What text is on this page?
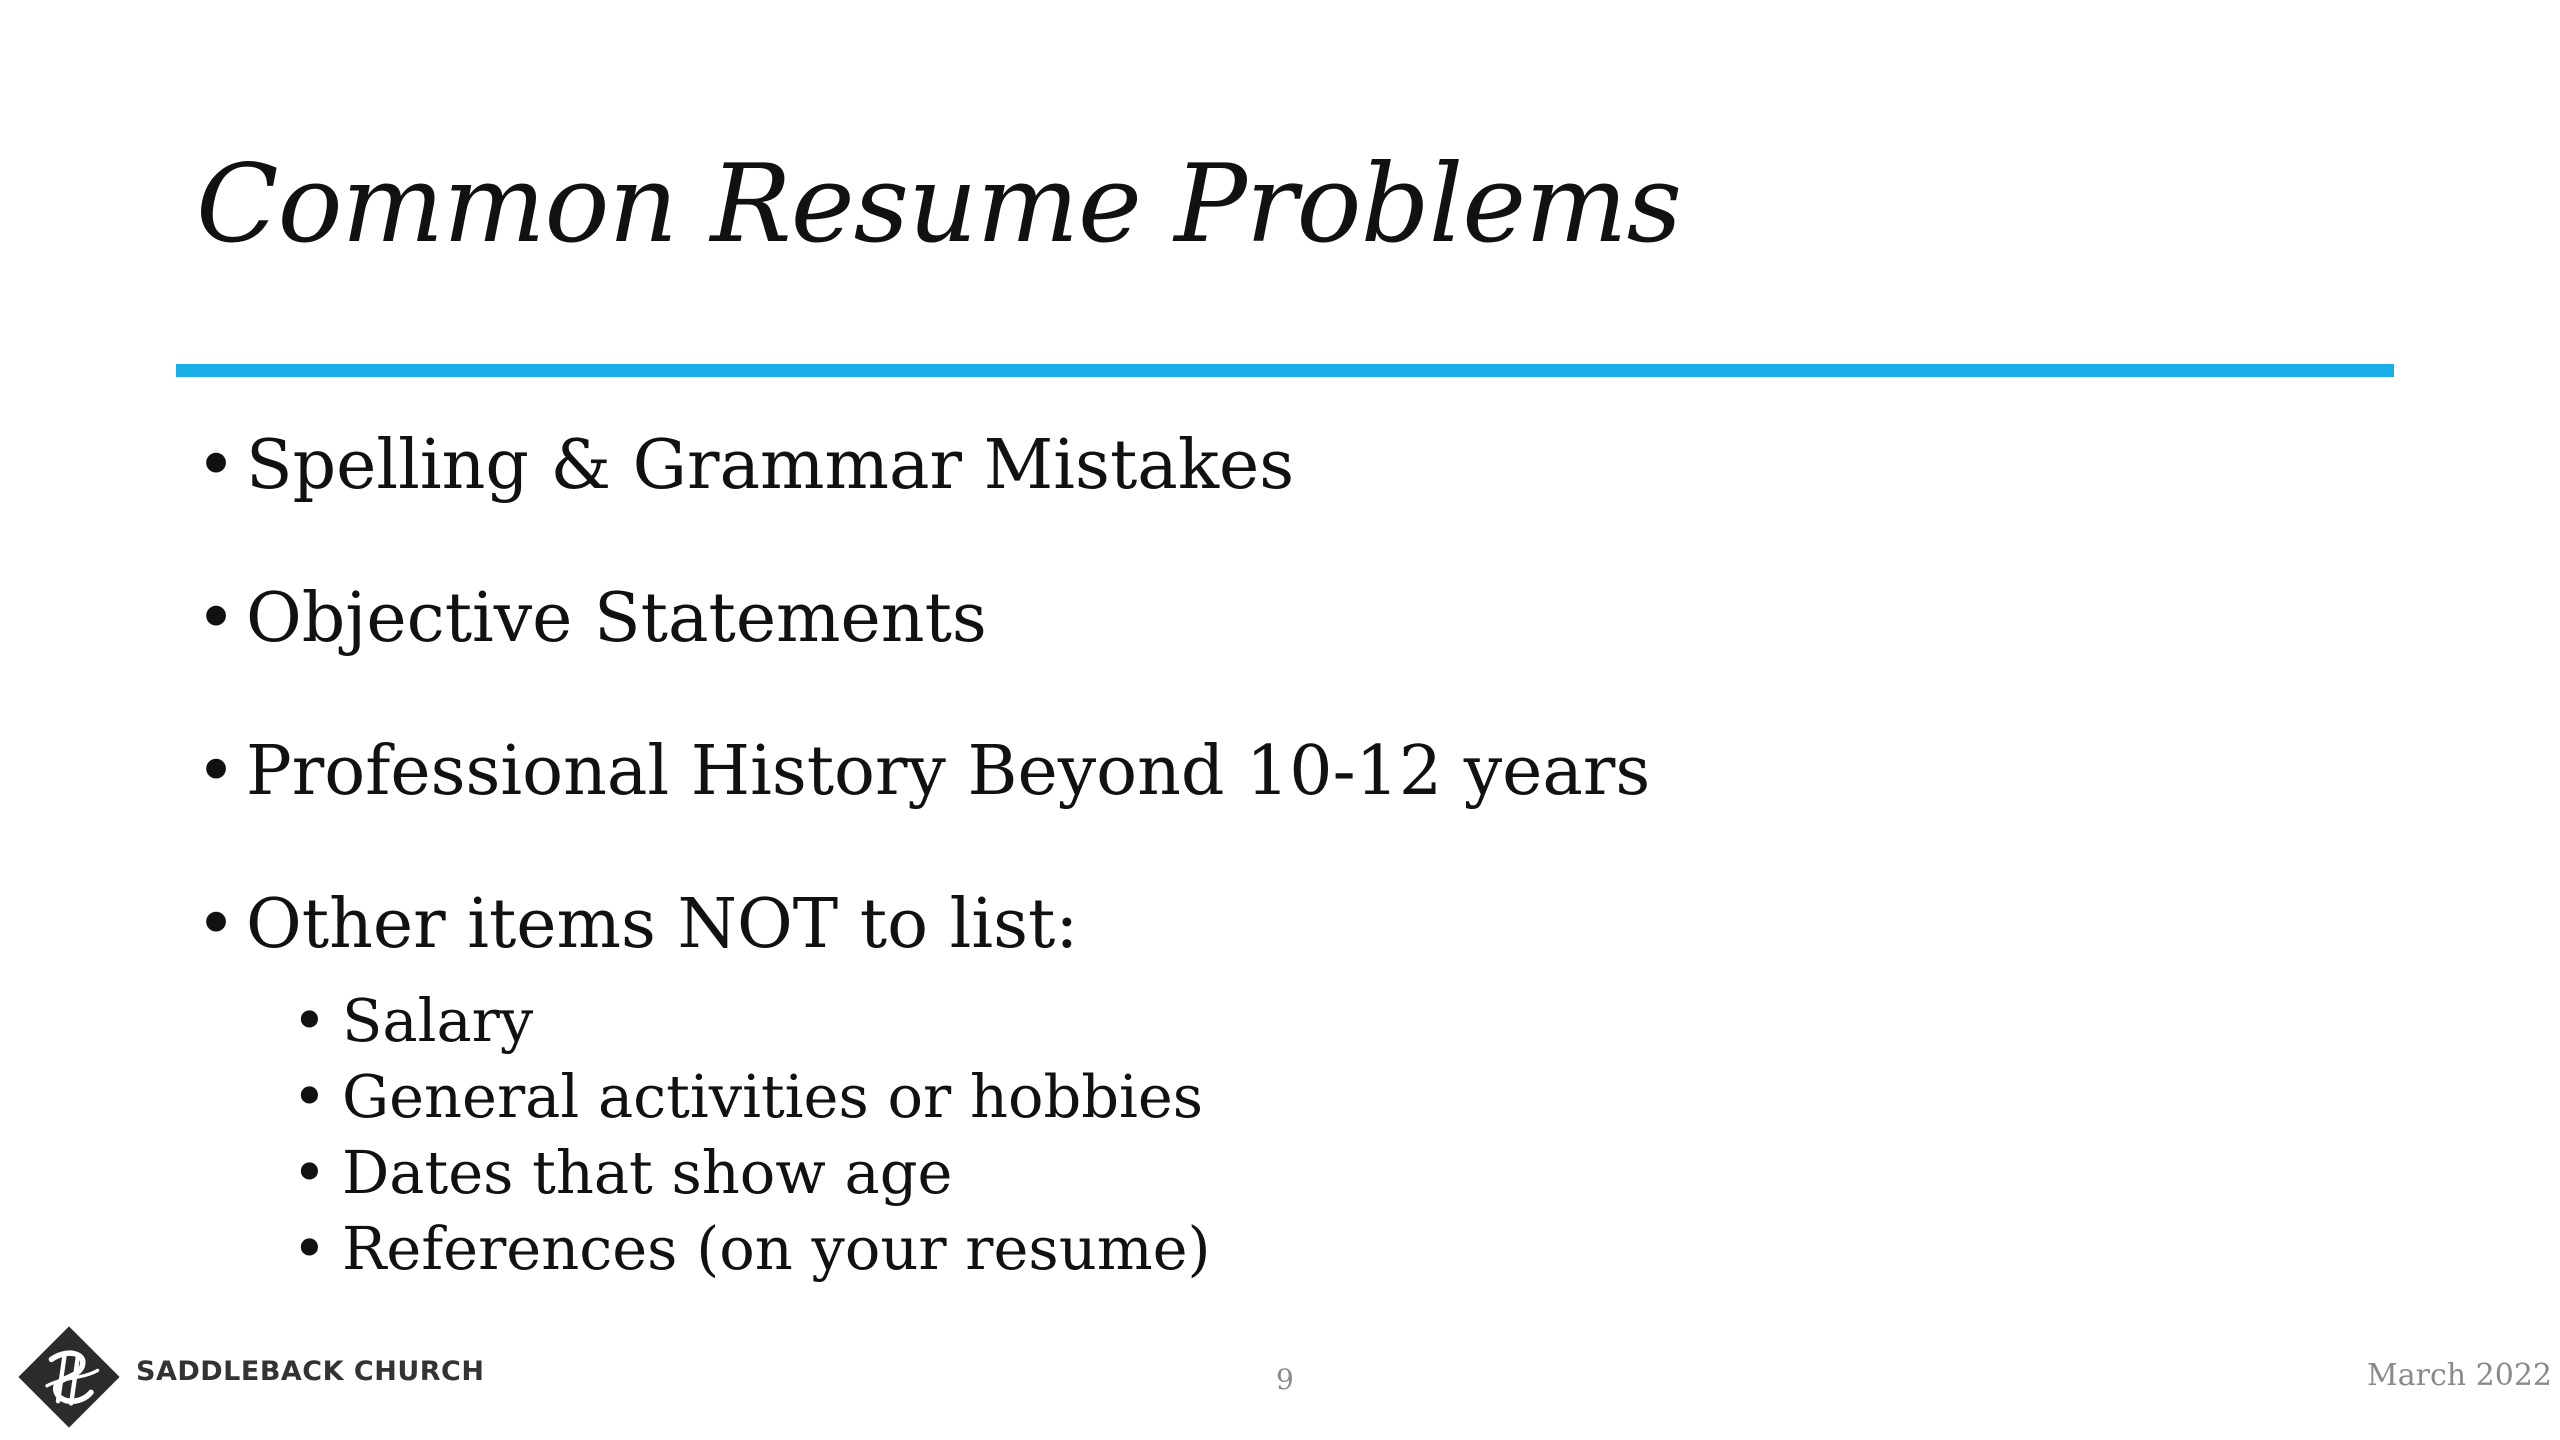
Common Resume Problems
• Spelling & Grammar Mistakes
• Objective Statements
• Professional History Beyond 10-12 years
• Other items NOT to list:
• Salary
• General activities or hobbies
• Dates that show age
• References (on your resume)
SADDLEBACK CHURCH	9	March 2022
